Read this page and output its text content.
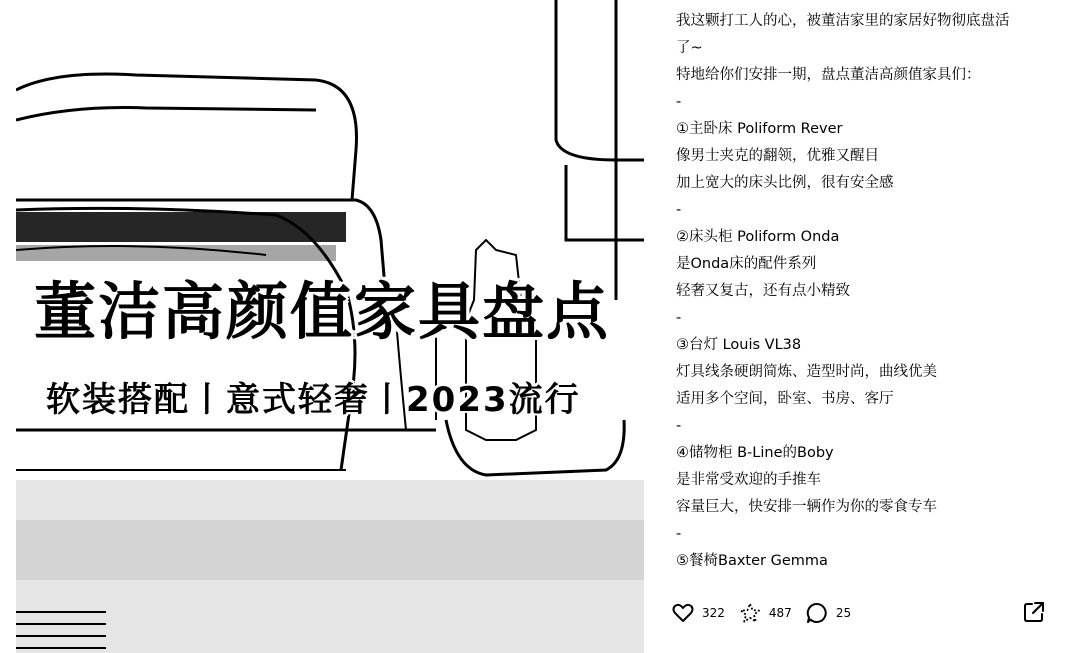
董洁高颜值家具盘点
软装搭配丨意式轻奢丨2023流行
我这颗打工人的心，被董洁家里的家居好物彻底盘活
了~
特地给你们安排一期，盘点董洁高颜值家具们：
-
①主卧床 Poliform Rever
像男士夹克的翻领，优雅又醒目
加上宽大的床头比例，很有安全感
-
②床头柜 Poliform Onda
是Onda床的配件系列
轻奢又复古，还有点小精致
-
③台灯 Louis VL38
灯具线条硬朗简炼、造型时尚，曲线优美
适用多个空间，卧室、书房、客厅
-
④储物柜 B-Line的Boby
是非常受欢迎的手推车
容量巨大，快安排一辆作为你的零食专车
-
⑤餐椅Baxter Gemma
322	487	25
